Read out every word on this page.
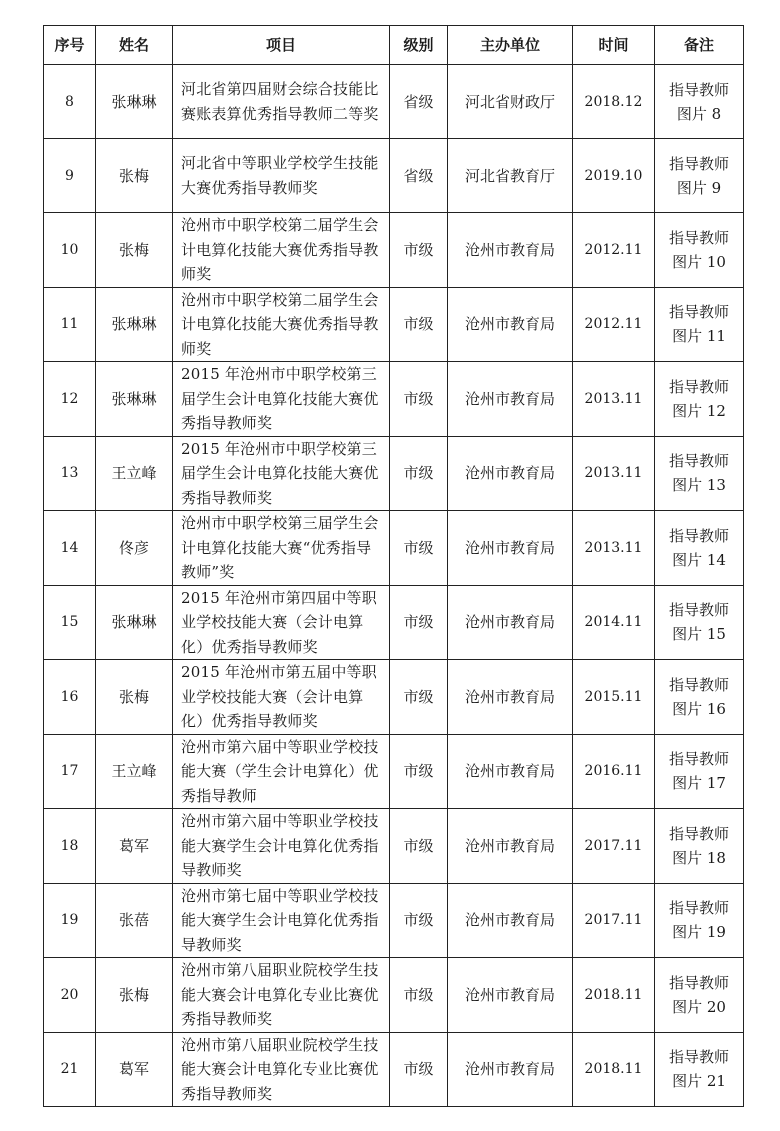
序号	姓名	项目	级别	主办单位	时间	备注
8	张琳琳	河北省第四届财会综合技能比赛账表算优秀指导教师二等奖	省级	河北省财政厅	2018.12	指导教师
图片 8

9	张梅	河北省中等职业学校学生技能大赛优秀指导教师奖	省级	河北省教育厅	2019.10	指导教师
图片 9

10	张梅	沧州市中职学校第二届学生会计电算化技能大赛优秀指导教师奖	市级	沧州市教育局	2012.11	指导教师
图片 10

11	张琳琳	沧州市中职学校第二届学生会计电算化技能大赛优秀指导教师奖	市级	沧州市教育局	2012.11	指导教师
图片 11

12	张琳琳	2015 年沧州市中职学校第三届学生会计电算化技能大赛优秀指导教师奖	市级	沧州市教育局	2013.11	指导教师
图片 12

13	王立峰	2015 年沧州市中职学校第三届学生会计电算化技能大赛优秀指导教师奖	市级	沧州市教育局	2013.11	指导教师
图片 13

14	佟彦	沧州市中职学校第三届学生会计电算化技能大赛“优秀指导教师”奖	市级	沧州市教育局	2013.11	指导教师
图片 14

15	张琳琳	2015 年沧州市第四届中等职业学校技能大赛（会计电算化）优秀指导教师奖	市级	沧州市教育局	2014.11	指导教师
图片 15

16	张梅	2015 年沧州市第五届中等职业学校技能大赛（会计电算化）优秀指导教师奖	市级	沧州市教育局	2015.11	指导教师
图片 16

17	王立峰	沧州市第六届中等职业学校技能大赛（学生会计电算化）优秀指导教师	市级	沧州市教育局	2016.11	指导教师
图片 17

18	葛军	沧州市第六届中等职业学校技能大赛学生会计电算化优秀指导教师奖	市级	沧州市教育局	2017.11	指导教师
图片 18

19	张蓓	沧州市第七届中等职业学校技能大赛学生会计电算化优秀指导教师奖	市级	沧州市教育局	2017.11	指导教师
图片 19

20	张梅	沧州市第八届职业院校学生技能大赛会计电算化专业比赛优秀指导教师奖	市级	沧州市教育局	2018.11	指导教师
图片 20

21	葛军	沧州市第八届职业院校学生技能大赛会计电算化专业比赛优秀指导教师奖	市级	沧州市教育局	2018.11	指导教师
图片 21
